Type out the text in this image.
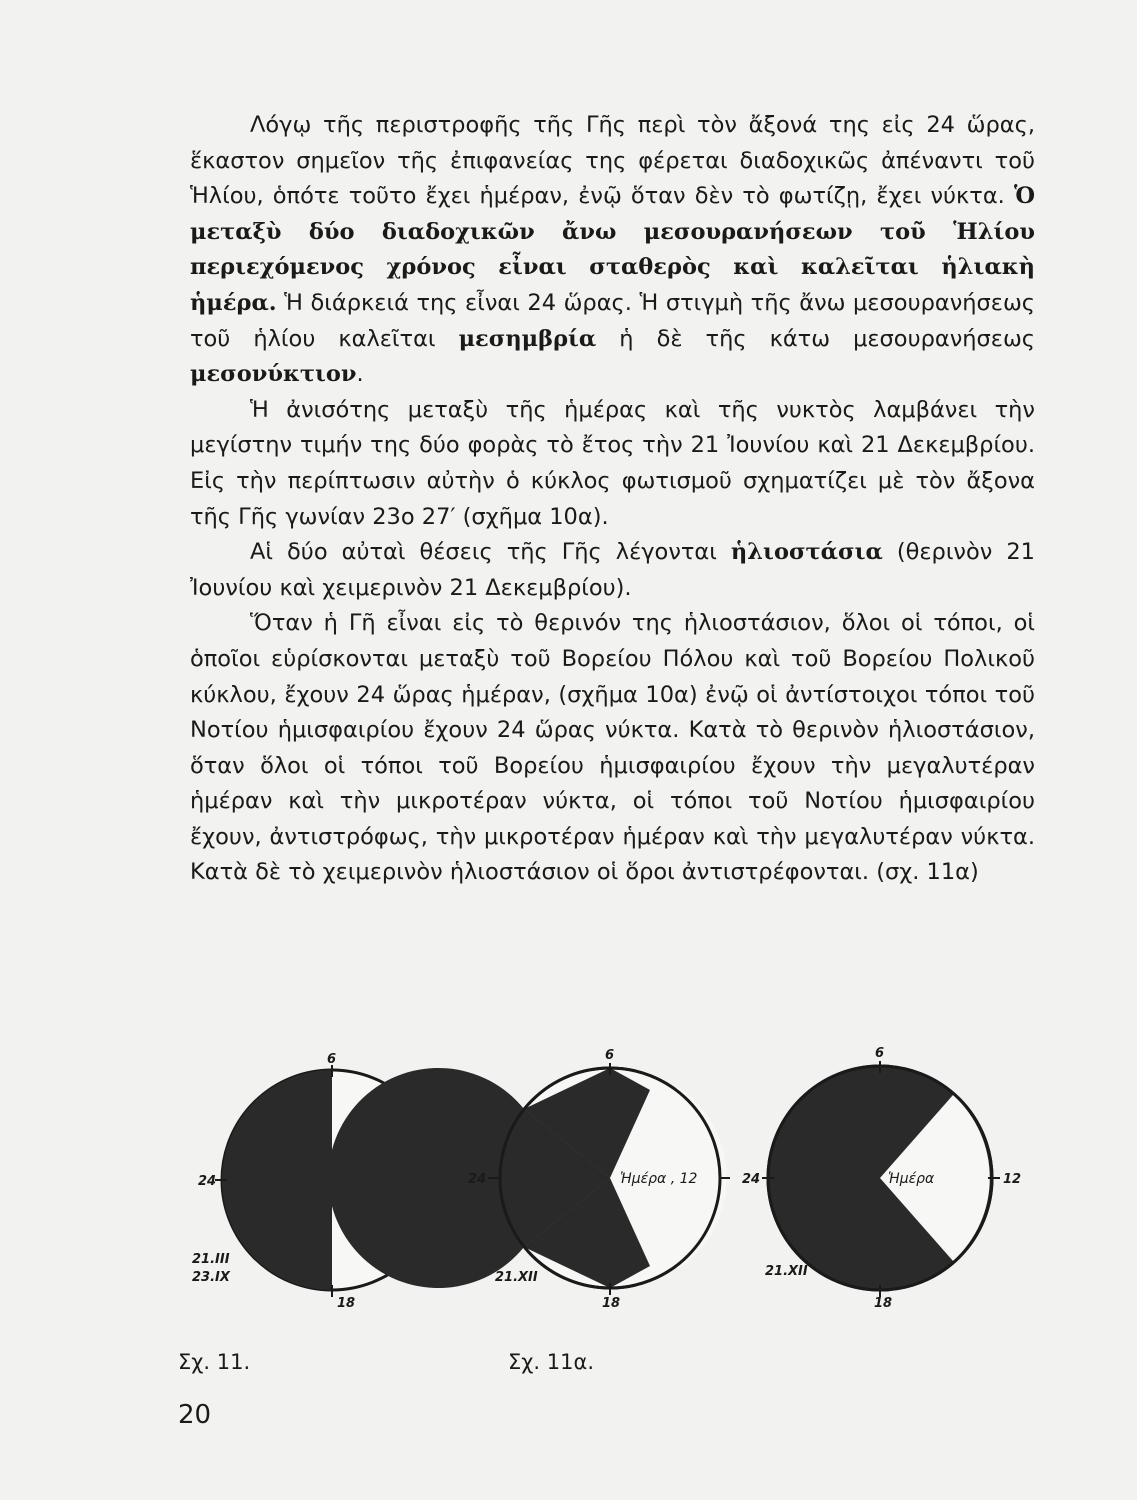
Λόγῳ τῆς περιστροφῆς τῆς Γῆς περὶ τὸν ἄξονά της εἰς 24 ὥρας, ἕκαστον σημεῖον τῆς ἐπιφανείας της φέρεται διαδοχικῶς ἀπέναντι τοῦ Ἡλίου, ὁπότε τοῦτο ἔχει ἡμέραν, ἐνῷ ὅταν δὲν τὸ φωτίζῃ, ἔχει νύκτα. Ὁ μεταξὺ δύο διαδοχικῶν ἄνω μεσουρανήσεων τοῦ Ἡλίου περιεχόμενος χρόνος εἶναι σταθερὸς καὶ καλεῖται ἡλιακὴ ἡμέρα. Ἡ διάρκειά της εἶναι 24 ὥρας. Ἡ στιγμὴ τῆς ἄνω μεσουρανήσεως τοῦ ἡλίου καλεῖται μεσημβρία ἡ δὲ τῆς κάτω μεσουρανήσεως μεσονύκτιον.

Ἡ ἀνισότης μεταξὺ τῆς ἡμέρας καὶ τῆς νυκτὸς λαμβάνει τὴν μεγίστην τιμήν της δύο φορὰς τὸ ἔτος τὴν 21 Ἰουνίου καὶ 21 Δεκεμβρίου. Εἰς τὴν περίπτωσιν αὐτὴν ὁ κύκλος φωτισμοῦ σχηματίζει μὲ τὸν ἄξονα τῆς Γῆς γωνίαν 23ο 27′ (σχῆμα 10α).

Αἱ δύο αὐταὶ θέσεις τῆς Γῆς λέγονται ἡλιοστάσια (θερινὸν 21 Ἰουνίου καὶ χειμερινὸν 21 Δεκεμβρίου).

Ὅταν ἡ Γῆ εἶναι εἰς τὸ θερινόν της ἡλιοστάσιον, ὅλοι οἱ τόποι, οἱ ὁποῖοι εὑρίσκονται μεταξὺ τοῦ Βορείου Πόλου καὶ τοῦ Βορείου Πολικοῦ κύκλου, ἔχουν 24 ὥρας ἡμέραν, (σχῆμα 10α) ἐνῷ οἱ ἀντίστοιχοι τόποι τοῦ Νοτίου ἡμισφαιρίου ἔχουν 24 ὥρας νύκτα. Κατὰ τὸ θερινὸν ἡλιοστάσιον, ὅταν ὅλοι οἱ τόποι τοῦ Βορείου ἡμισφαιρίου ἔχουν τὴν μεγαλυτέραν ἡμέραν καὶ τὴν μικροτέραν νύκτα, οἱ τόποι τοῦ Νοτίου ἡμισφαιρίου ἔχουν, ἀντιστρόφως, τὴν μικροτέραν ἡμέραν καὶ τὴν μεγαλυτέραν νύκτα. Κατὰ δὲ τὸ χειμερινὸν ἡλιοστάσιον οἱ ὅροι ἀντιστρέφονται. (σχ. 11α)

6
24
18
21.III
23.IX
6
24	Ἡμέρα , 12
18
21.XII
6
24	Ἡμέρα	12
18
21.XII
Σχ. 11.	Σχ. 11α.
20
